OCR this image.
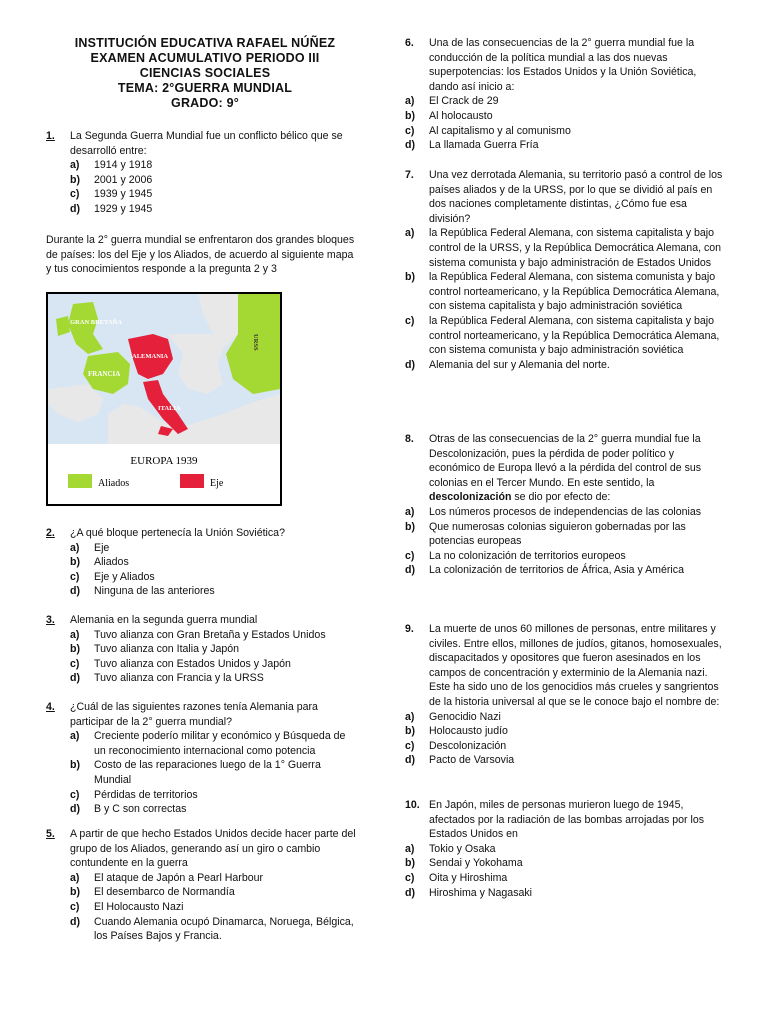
INSTITUCIÓN EDUCATIVA RAFAEL NÚÑEZ
EXAMEN ACUMULATIVO PERIODO III
CIENCIAS SOCIALES
TEMA: 2°GUERRA MUNDIAL
GRADO: 9°
1. La Segunda Guerra Mundial fue un conflicto bélico que se desarrolló entre:
a) 1914 y 1918
b) 2001 y 2006
c) 1939 y 1945
d) 1929 y 1945
Durante la 2° guerra mundial se enfrentaron dos grandes bloques de países: los del Eje y los Aliados, de acuerdo al siguiente mapa y tus conocimientos responde a la pregunta 2 y 3
GRAN BRETAÑA
FRANCIA
ALEMANIA
ITALIA
URSS
EUROPA 1939
Aliados	Eje
2. ¿A qué bloque pertenecía la Unión Soviética?
a) Eje
b) Aliados
c) Eje y Aliados
d) Ninguna de las anteriores
3. Alemania en la segunda guerra mundial
a) Tuvo alianza con Gran Bretaña y Estados Unidos
b) Tuvo alianza con Italia y Japón
c) Tuvo alianza con Estados Unidos y Japón
d) Tuvo alianza con Francia y la URSS
4. ¿Cuál de las siguientes razones tenía Alemania para participar de la 2° guerra mundial?
a) Creciente poderío militar y económico y Búsqueda de un reconocimiento internacional como potencia
b) Costo de las reparaciones luego de la 1° Guerra Mundial
c) Pérdidas de territorios
d) B y C son correctas
5. A partir de que hecho Estados Unidos decide hacer parte del grupo de los Aliados, generando así un giro o cambio contundente en la guerra
a) El ataque de Japón a Pearl Harbour
b) El desembarco de Normandía
c) El Holocausto Nazi
d) Cuando Alemania ocupó Dinamarca, Noruega, Bélgica, los Países Bajos y Francia.
6. Una de las consecuencias de la 2° guerra mundial fue la conducción de la política mundial a las dos nuevas superpotencias: los Estados Unidos y la Unión Soviética, dando así inicio a:
a) El Crack de 29
b) Al holocausto
c) Al capitalismo y al comunismo
d) La llamada Guerra Fría
7. Una vez derrotada Alemania, su territorio pasó a control de los países aliados y de la URSS, por lo que se dividió al país en dos naciones completamente distintas, ¿Cómo fue esa división?
a) la República Federal Alemana, con sistema capitalista y bajo control de la URSS, y la República Democrática Alemana, con sistema comunista y bajo administración de Estados Unidos
b) la República Federal Alemana, con sistema comunista y bajo control norteamericano, y la República Democrática Alemana, con sistema capitalista y bajo administración soviética
c) la República Federal Alemana, con sistema capitalista y bajo control norteamericano, y la República Democrática Alemana, con sistema comunista y bajo administración soviética
d) Alemania del sur y Alemania del norte.
8. Otras de las consecuencias de la 2° guerra mundial fue la Descolonización, pues la pérdida de poder político y económico de Europa llevó a la pérdida del control de sus colonias en el Tercer Mundo. En este sentido, la descolonización se dio por efecto de:
a) Los números procesos de independencias de las colonias
b) Que numerosas colonias siguieron gobernadas por las potencias europeas
c) La no colonización de territorios europeos
d) La colonización de territorios de África, Asia y América
9. La muerte de unos 60 millones de personas, entre militares y civiles. Entre ellos, millones de judíos, gitanos, homosexuales, discapacitados y opositores que fueron asesinados en los campos de concentración y exterminio de la Alemania nazi. Este ha sido uno de los genocidios más crueles y sangrientos de la historia universal al que se le conoce bajo el nombre de:
a) Genocidio Nazi
b) Holocausto judío
c) Descolonización
d) Pacto de Varsovia
10. En Japón, miles de personas murieron luego de 1945, afectados por la radiación de las bombas arrojadas por los Estados Unidos en
a) Tokio y Osaka
b) Sendai y Yokohama
c) Oita y Hiroshima
d) Hiroshima y Nagasaki
